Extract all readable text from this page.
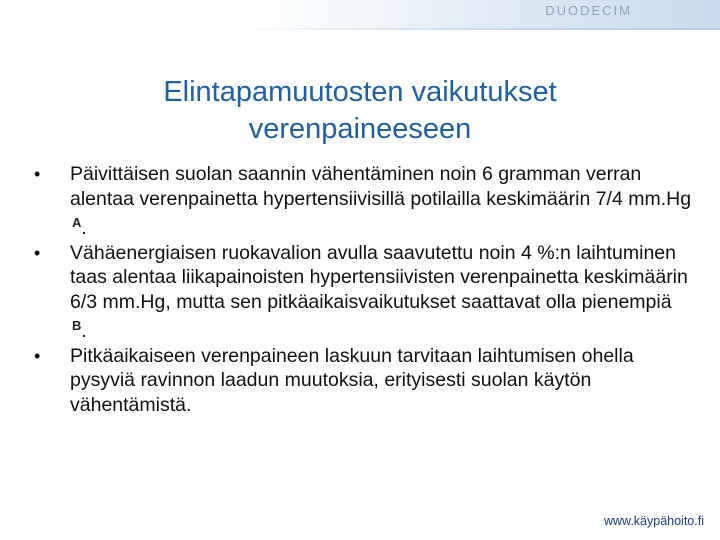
DUODECIM
Elintapamuutosten vaikutukset
verenpaineeseen
• Päivittäisen suolan saannin vähentäminen noin 6 gramman verran alentaa verenpainetta hypertensiivisillä potilailla keskimäärin 7/4 mm.Hg $^A$.
• Vähäenergiaisen ruokavalion avulla saavutettu noin 4 %:n laihtuminen taas alentaa liikapainoisten hypertensiivisten verenpainetta keskimäärin 6/3 mm.Hg, mutta sen pitkäaikaisvaikutukset saattavat olla pienempiä $^B$.
• Pitkäaikaiseen verenpaineen laskuun tarvitaan laihtumisen ohella pysyviä ravinnon laadun muutoksia, erityisesti suolan käytön vähentämistä.
www.käypähoito.fi
